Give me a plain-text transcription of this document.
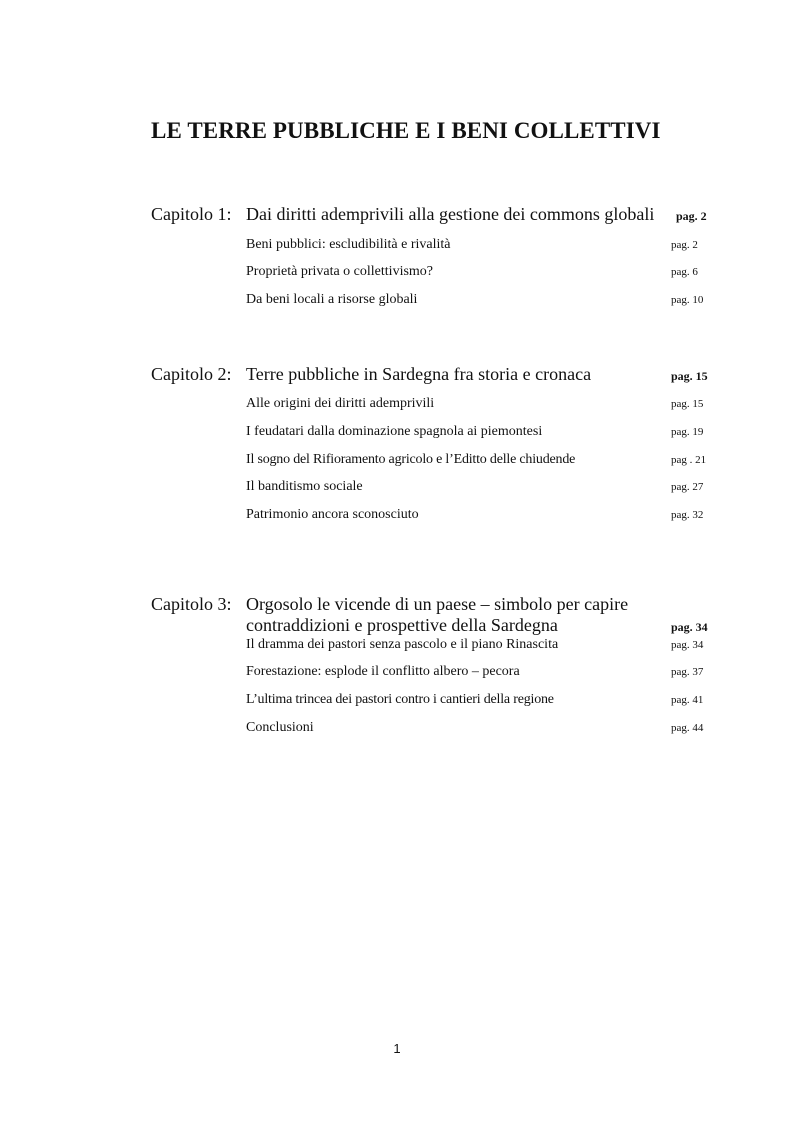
LE TERRE PUBBLICHE E I BENI COLLETTIVI
Capitolo 1: Dai diritti ademprivili alla gestione dei commons globali pag. 2
Beni pubblici: escludibilità e rivalità	pag. 2
Proprietà privata o collettivismo?	pag. 6
Da beni locali a risorse globali	pag. 10
Capitolo 2: Terre pubbliche in Sardegna fra storia e cronaca	pag. 15
Alle origini dei diritti ademprivili	pag. 15
I feudatari dalla dominazione spagnola ai piemontesi	pag. 19
Il sogno del Rifioramento agricolo e l’Editto delle chiudende	pag . 21
Il banditismo sociale	pag. 27
Patrimonio ancora sconosciuto	pag. 32
Capitolo 3: Orgosolo le vicende di un paese – simbolo per capire
contraddizioni e prospettive della Sardegna	pag. 34
Il dramma dei pastori senza pascolo e il piano Rinascita	pag. 34
Forestazione: esplode il conflitto albero – pecora	pag. 37
L’ultima trincea dei pastori contro i cantieri della regione	pag. 41
Conclusioni	pag. 44
1
